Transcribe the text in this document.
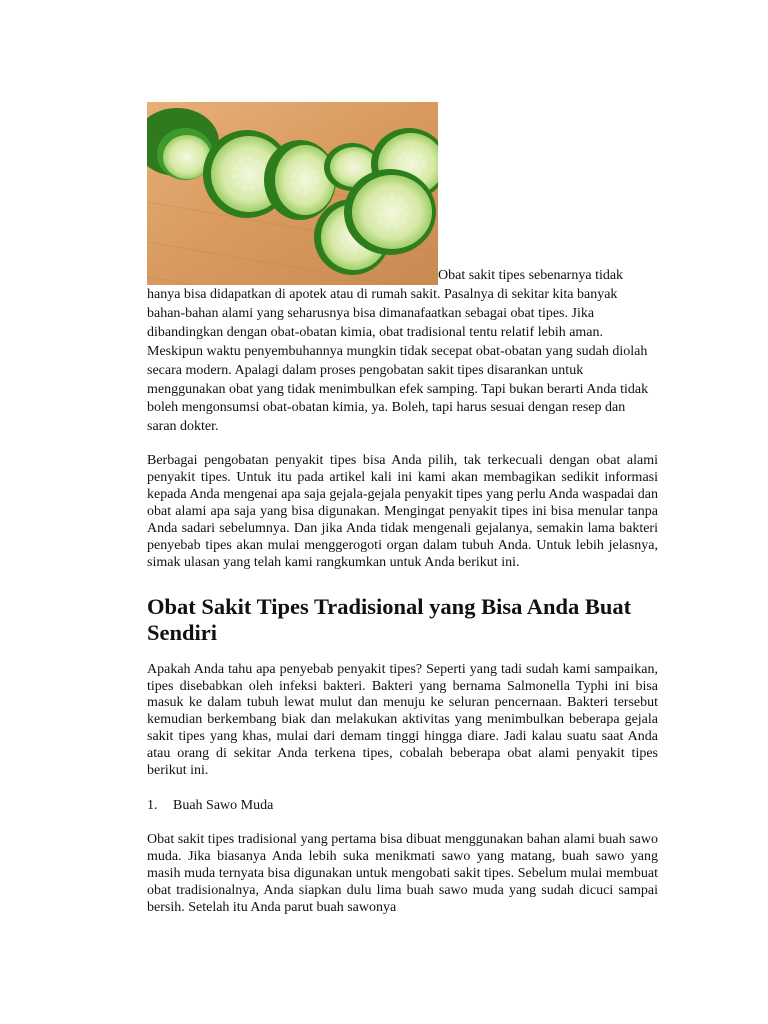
Obat sakit tipes sebenarnya tidak hanya bisa didapatkan di apotek atau di rumah sakit. Pasalnya di sekitar kita banyak bahan-bahan alami yang seharusnya bisa dimanafaatkan sebagai obat tipes. Jika dibandingkan dengan obat-obatan kimia, obat tradisional tentu relatif lebih aman. Meskipun waktu penyembuhannya mungkin tidak secepat obat-obatan yang sudah diolah secara modern. Apalagi dalam proses pengobatan sakit tipes disarankan untuk menggunakan obat yang tidak menimbulkan efek samping. Tapi bukan berarti Anda tidak boleh mengonsumsi obat-obatan kimia, ya. Boleh, tapi harus sesuai dengan resep dan saran dokter.

Berbagai pengobatan penyakit tipes bisa Anda pilih, tak terkecuali dengan obat alami penyakit tipes. Untuk itu pada artikel kali ini kami akan membagikan sedikit informasi kepada Anda mengenai apa saja gejala-gejala penyakit tipes yang perlu Anda waspadai dan obat alami apa saja yang bisa digunakan. Mengingat penyakit tipes ini bisa menular tanpa Anda sadari sebelumnya. Dan jika Anda tidak mengenali gejalanya, semakin lama bakteri penyebab tipes akan mulai menggerogoti organ dalam tubuh Anda. Untuk lebih jelasnya, simak ulasan yang telah kami rangkumkan untuk Anda berikut ini.

Obat Sakit Tipes Tradisional yang Bisa Anda Buat Sendiri

Apakah Anda tahu apa penyebab penyakit tipes? Seperti yang tadi sudah kami sampaikan, tipes disebabkan oleh infeksi bakteri. Bakteri yang bernama Salmonella Typhi ini bisa masuk ke dalam tubuh lewat mulut dan menuju ke seluran pencernaan. Bakteri tersebut kemudian berkembang biak dan melakukan aktivitas yang menimbulkan beberapa gejala sakit tipes yang khas, mulai dari demam tinggi hingga diare. Jadi kalau suatu saat Anda atau orang di sekitar Anda terkena tipes, cobalah beberapa obat alami penyakit tipes berikut ini.

1. Buah Sawo Muda

Obat sakit tipes tradisional yang pertama bisa dibuat menggunakan bahan alami buah sawo muda. Jika biasanya Anda lebih suka menikmati sawo yang matang, buah sawo yang masih muda ternyata bisa digunakan untuk mengobati sakit tipes. Sebelum mulai membuat obat tradisionalnya, Anda siapkan dulu lima buah sawo muda yang sudah dicuci sampai bersih. Setelah itu Anda parut buah sawonya
